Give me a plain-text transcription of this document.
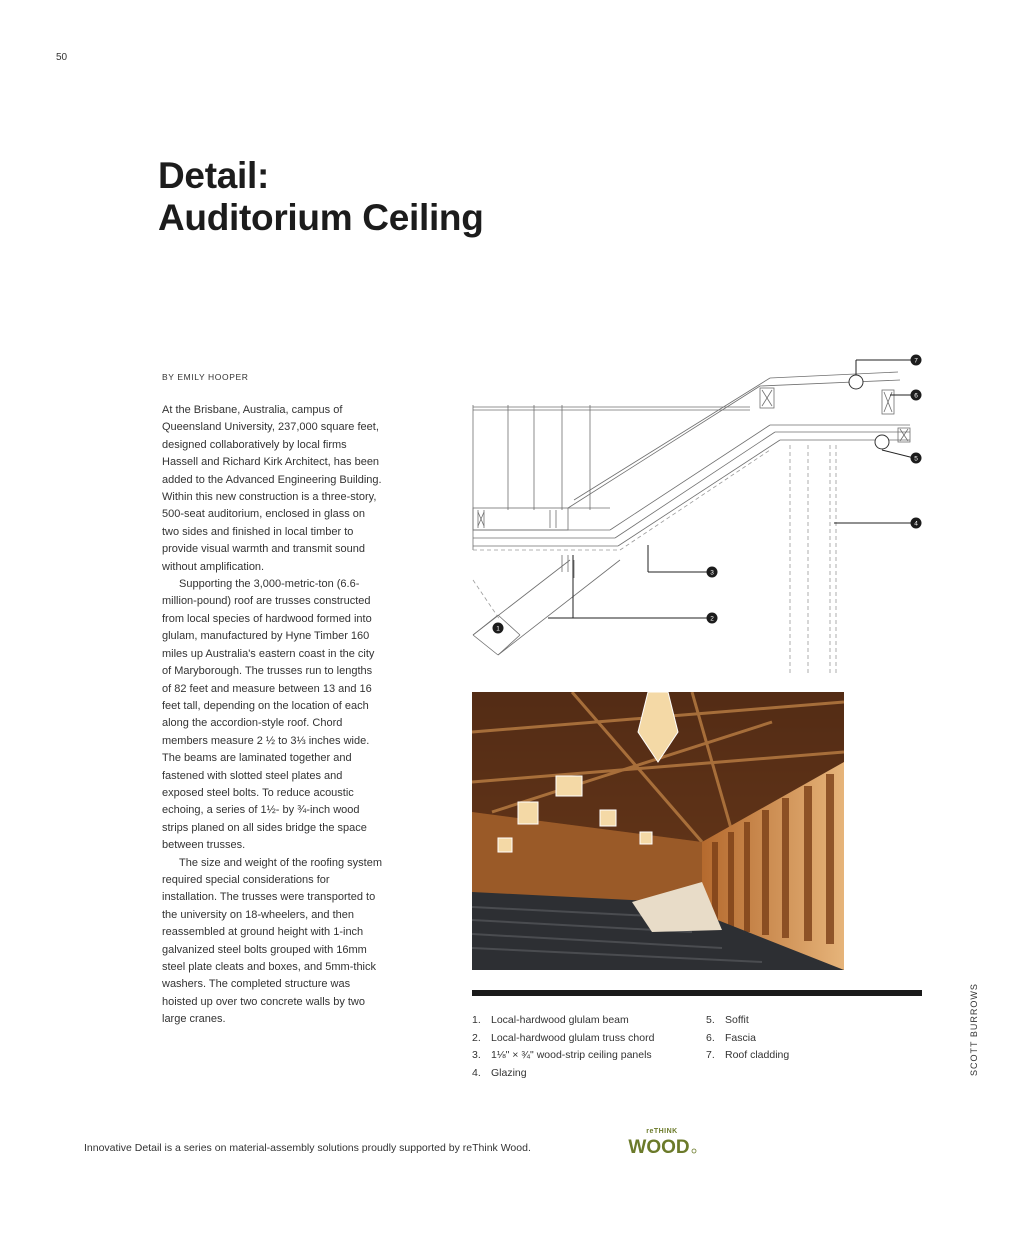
50
Detail:
Auditorium Ceiling
BY EMILY HOOPER

At the Brisbane, Australia, campus of Queensland University, 237,000 square feet, designed collaboratively by local firms Hassell and Richard Kirk Architect, has been added to the Advanced Engineering Building. Within this new construction is a three-story, 500-seat auditorium, enclosed in glass on two sides and finished in local timber to provide visual warmth and transmit sound without amplification.

Supporting the 3,000-metric-ton (6.6-million-pound) roof are trusses constructed from local species of hardwood formed into glulam, manufactured by Hyne Timber 160 miles up Australia's eastern coast in the city of Maryborough. The trusses run to lengths of 82 feet and measure between 13 and 16 feet tall, depending on the location of each along the accordion-style roof. Chord members measure 2 ½ to 3⅓ inches wide. The beams are laminated together and fastened with slotted steel plates and exposed steel bolts. To reduce acoustic echoing, a series of 1½- by ¾-inch wood strips planed on all sides bridge the space between trusses.

The size and weight of the roofing system required special considerations for installation. The trusses were transported to the university on 18-wheelers, and then reassembled at ground height with 1-inch galvanized steel bolts grouped with 16mm steel plate cleats and boxes, and 5mm-thick washers. The completed structure was hoisted up over two concrete walls by two large cranes.

7
6
5
4
3
2
1
1. Local-hardwood glulam beam
2. Local-hardwood glulam truss chord
3. 1⅛" × ¾" wood-strip ceiling panels
4. Glazing
5. Soffit
6. Fascia
7. Roof cladding	SCOTT BURROWS
Innovative Detail is a series on material-assembly solutions proudly supported by reThink Wood.
reTHINK
WOOD
